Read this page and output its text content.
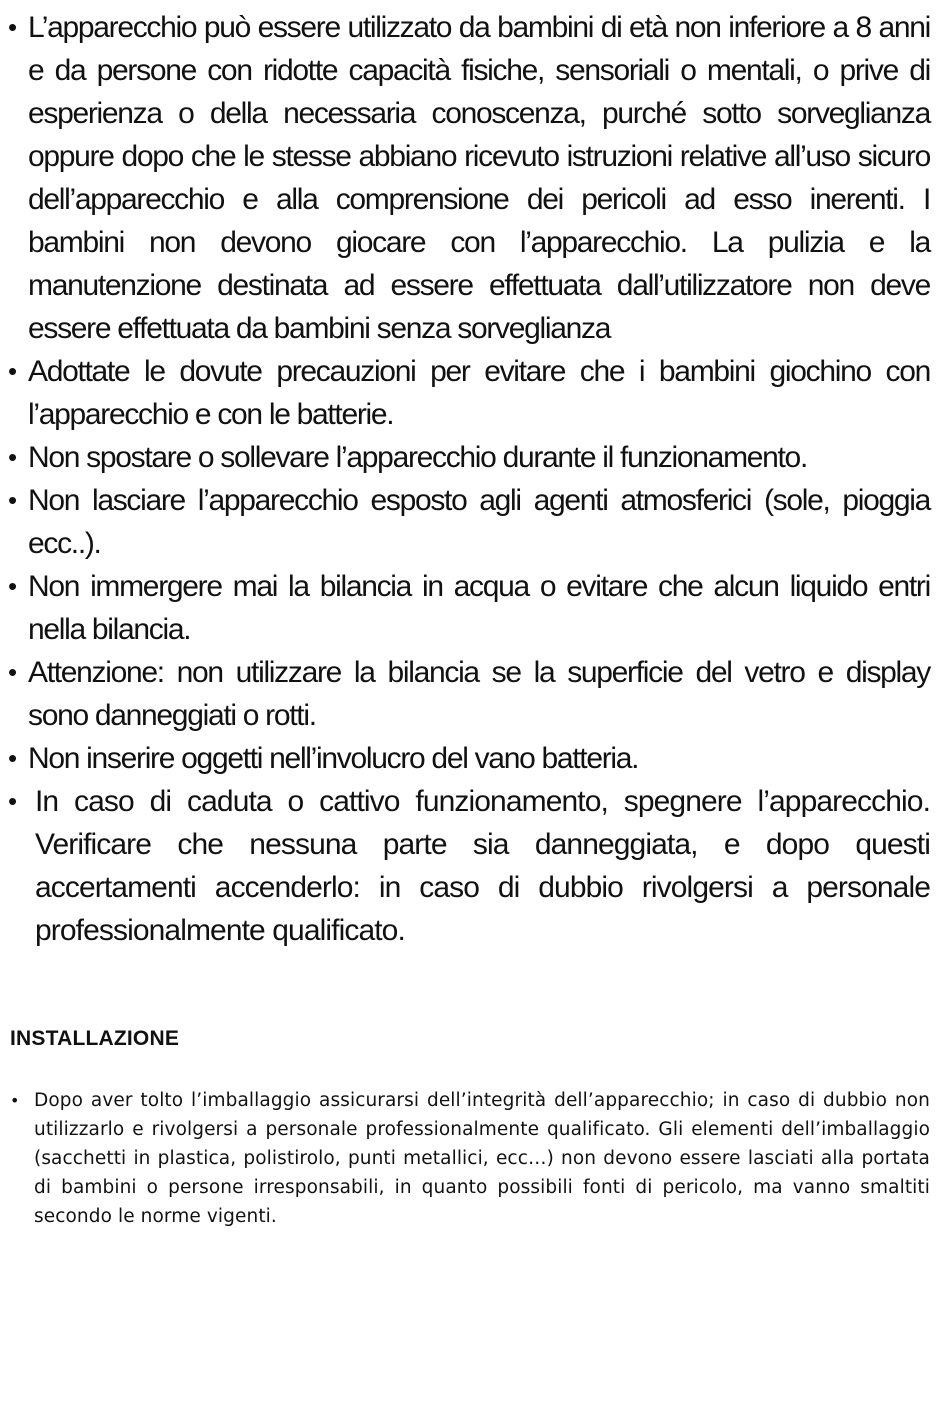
• L’apparecchio può essere utilizzato da bambini di età non inferiore a 8 anni e da persone con ridotte capacità fisiche, sensoriali o mentali, o prive di esperienza o della necessaria conoscenza, purché sotto sorveglianza oppure dopo che le stesse abbiano ricevuto istruzioni relative all’uso sicuro dell’apparecchio e alla comprensione dei pericoli ad esso inerenti. I bambini non devono giocare con l’apparecchio. La pulizia e la manutenzione destinata ad essere effettuata dall’utilizzatore non deve essere effettuata da bambini senza sorveglianza
• Adottate le dovute precauzioni per evitare che i bambini giochino con l’apparecchio e con le batterie.
• Non spostare o sollevare l’apparecchio durante il funzionamento.
• Non lasciare l’apparecchio esposto agli agenti atmosferici (sole, pioggia ecc..).
• Non immergere mai la bilancia in acqua o evitare che alcun liquido entri nella bilancia.
• Attenzione: non utilizzare la bilancia se la superficie del vetro e display sono danneggiati o rotti.
• Non inserire oggetti nell’involucro del vano batteria.
• In caso di caduta o cattivo funzionamento, spegnere l’apparecchio. Verificare che nessuna parte sia danneggiata, e dopo questi accertamenti accenderlo: in caso di dubbio rivolgersi a personale professionalmente qualificato.
INSTALLAZIONE
• Dopo aver tolto l’imballaggio assicurarsi dell’integrità dell’apparecchio; in caso di dubbio non utilizzarlo e rivolgersi a personale professionalmente qualificato. Gli elementi dell’imballaggio (sacchetti in plastica, polistirolo, punti metallici, ecc…) non devono essere lasciati alla portata di bambini o persone irresponsabili, in quanto possibili fonti di pericolo, ma vanno smaltiti secondo le norme vigenti.
